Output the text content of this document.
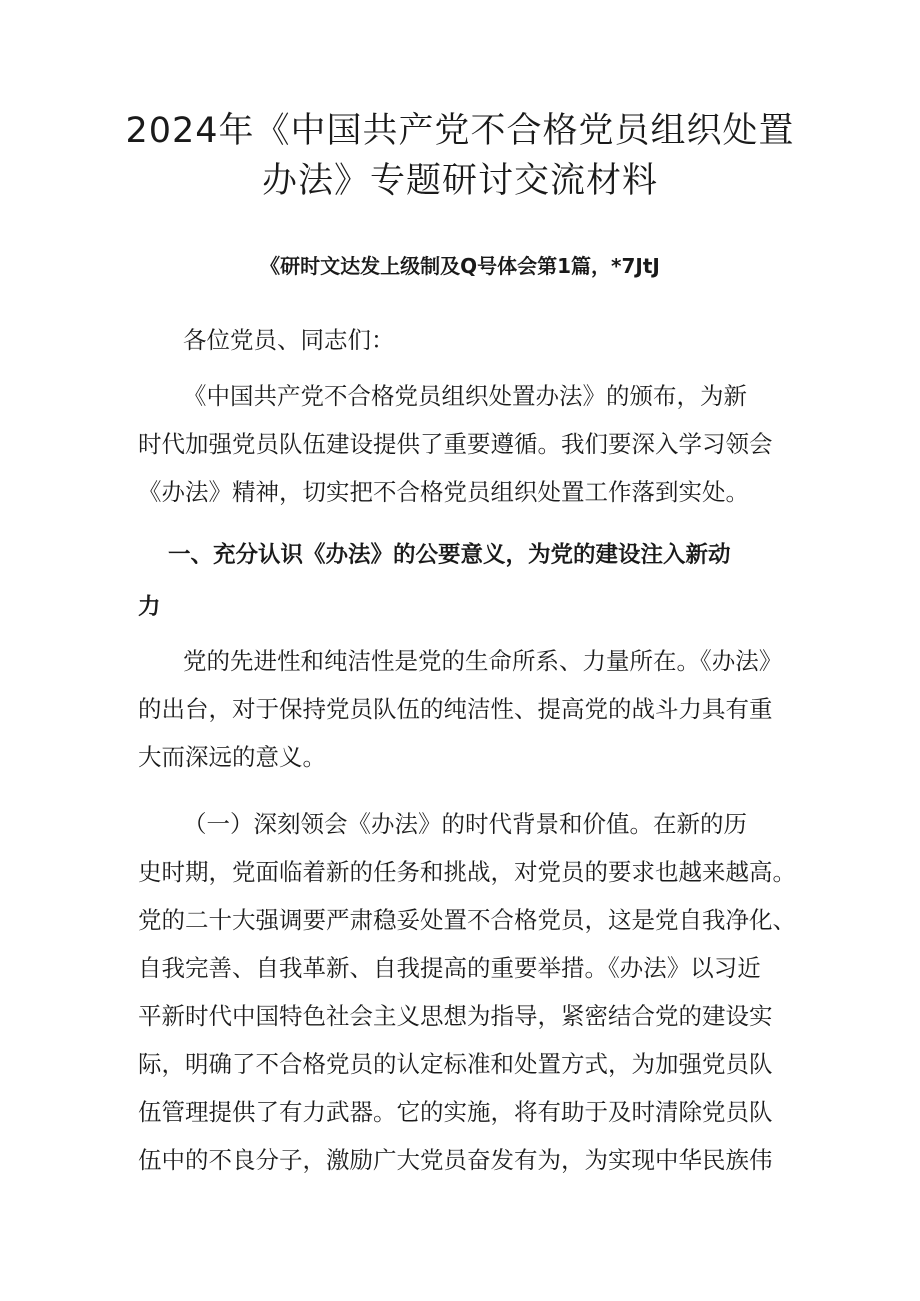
2024年《中国共产党不合格党员组织处置
办法》专题研讨交流材料

《研时文达发上级制及Q号体会第1篇，*7JtJ

各位党员、同志们：

《中国共产党不合格党员组织处置办法》的颁布，为新
时代加强党员队伍建设提供了重要遵循。我们要深入学习领会
《办法》精神，切实把不合格党员组织处置工作落到实处。

一、充分认识《办法》的公要意义，为党的建设注入新动
力

党的先进性和纯洁性是党的生命所系、力量所在。《办法》
的出台，对于保持党员队伍的纯洁性、提高党的战斗力具有重
大而深远的意义。

（一）深刻领会《办法》的时代背景和价值。在新的历
史时期，党面临着新的任务和挑战，对党员的要求也越来越高。
党的二十大强调要严肃稳妥处置不合格党员，这是党自我净化、
自我完善、自我革新、自我提高的重要举措。《办法》以习近
平新时代中国特色社会主义思想为指导，紧密结合党的建设实
际，明确了不合格党员的认定标准和处置方式，为加强党员队
伍管理提供了有力武器。它的实施，将有助于及时清除党员队
伍中的不良分子，激励广大党员奋发有为，为实现中华民族伟
